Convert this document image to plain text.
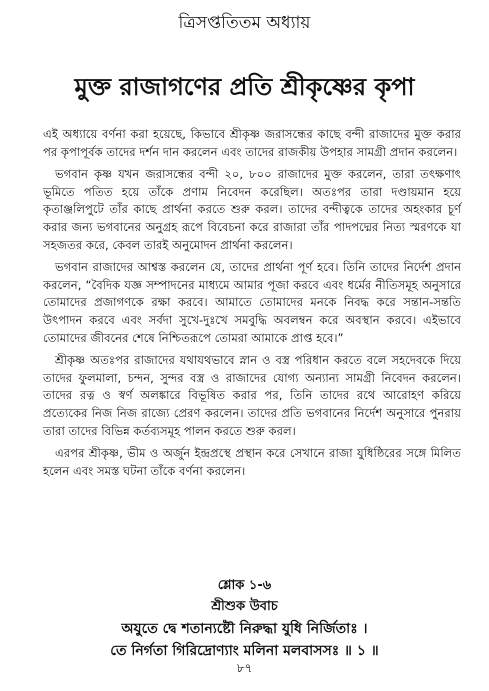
ত্রিসপ্ততিতম অধ্যায়
মুক্ত রাজাগণের প্রতি শ্রীকৃষ্ণের কৃপা

এই অধ্যায়ে বর্ণনা করা হয়েছে, কিভাবে শ্রীকৃষ্ণ জরাসন্ধের কাছে বন্দী রাজাদের মুক্ত করার পর কৃপাপূর্বক তাদের দর্শন দান করলেন এবং তাদের রাজকীয় উপহার সামগ্রী প্রদান করলেন।

ভগবান কৃষ্ণ যখন জরাসন্ধের বন্দী ২০, ৮০০ রাজাদের মুক্ত করলেন, তারা তৎক্ষণাৎ ভূমিতে পতিত হয়ে তাঁকে প্রণাম নিবেদন করেছিল। অতঃপর তারা দণ্ডায়মান হয়ে কৃতাঞ্জলিপুটে তাঁর কাছে প্রার্থনা করতে শুরু করল। তাদের বন্দীত্বকে তাদের অহংকার চূর্ণ করার জন্য ভগবানের অনুগ্রহ রূপে বিবেচনা করে রাজারা তাঁর পাদপদ্মের নিত্য স্মরণকে যা সহজতর করে, কেবল তারই অনুমোদন প্রার্থনা করলেন।

ভগবান রাজাদের আশ্বস্ত করলেন যে, তাদের প্রার্থনা পূর্ণ হবে। তিনি তাদের নির্দেশ প্রদান করলেন, “বৈদিক যজ্ঞ সম্পাদনের মাধ্যমে আমার পূজা করবে এবং ধর্মের নীতিসমূহ অনুসারে তোমাদের প্রজাগণকে রক্ষা করবে। আমাতে তোমাদের মনকে নিবদ্ধ করে সন্তান-সন্ততি উৎপাদন করবে এবং সর্বদা সুখে-দুঃখে সমবুদ্ধি অবলম্বন করে অবস্থান করবে। এইভাবে তোমাদের জীবনের শেষে নিশ্চিতরূপে তোমরা আমাকে প্রাপ্ত হবে।”

শ্রীকৃষ্ণ অতঃপর রাজাদের যথাযথভাবে স্নান ও বস্ত্র পরিধান করতে বলে সহদেবকে দিয়ে তাদের ফুলমালা, চন্দন, সুন্দর বস্ত্র ও রাজাদের যোগ্য অন্যান্য সামগ্রী নিবেদন করলেন। তাদের রত্ন ও স্বর্ণ অলঙ্কারে বিভূষিত করার পর, তিনি তাদের রথে আরোহণ করিয়ে প্রত্যেকের নিজ নিজ রাজ্যে প্রেরণ করলেন। তাদের প্রতি ভগবানের নির্দেশ অনুসারে পুনরায় তারা তাদের বিভিন্ন কর্তব্যসমূহ পালন করতে শুরু করল।

এরপর শ্রীকৃষ্ণ, ভীম ও অর্জুন ইন্দ্রপ্রস্থে প্রস্থান করে সেখানে রাজা যুধিষ্ঠিরের সঙ্গে মিলিত হলেন এবং সমস্ত ঘটনা তাঁকে বর্ণনা করলেন।

শ্লোক ১-৬
শ্রীশুক উবাচ
অযুতে দ্বে শতান্যষ্টৌ নিরুদ্ধা যুধি নির্জিতাঃ ।
তে নির্গতা গিরিদ্রোণ্যাং মলিনা মলবাসসঃ ॥ ১ ॥
৮৭
